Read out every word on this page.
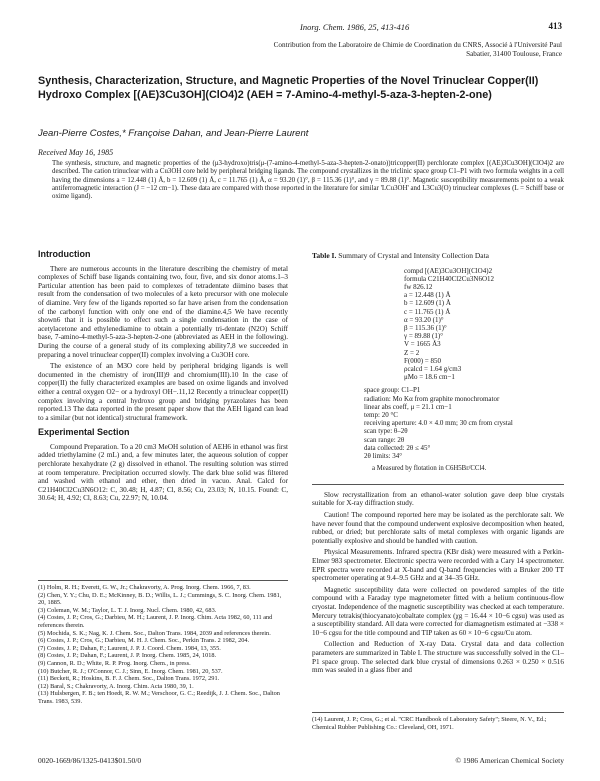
Inorg. Chem. 1986, 25, 413-416	413
Contribution from the Laboratoire de Chimie de Coordination du CNRS, Associé à l'Université Paul Sabatier, 31400 Toulouse, France
Synthesis, Characterization, Structure, and Magnetic Properties of the Novel Trinuclear Copper(II) Hydroxo Complex [(AE)3Cu3OH](ClO4)2 (AEH = 7-Amino-4-methyl-5-aza-3-hepten-2-one)
Jean-Pierre Costes,* Françoise Dahan, and Jean-Pierre Laurent
Received May 16, 1985
The synthesis, structure, and magnetic properties of the (μ3-hydroxo)tris(μ-(7-amino-4-methyl-5-aza-3-hepten-2-onato))tricopper(II) perchlorate complex [(AE)3Cu3OH](ClO4)2 are described. The cation trinuclear with a Cu3OH core held by peripheral bridging ligands. The compound crystallizes in the triclinic space group C1–P1 with two formula weights in a cell having the dimensions a = 12.448 (1) Å, b = 12.609 (1) Å, c = 11.765 (1) Å, α = 93.20 (1)°, β = 115.36 (1)°, and γ = 89.88 (1)°. Magnetic susceptibility measurements point to a weak antiferromagnetic interaction (J = −12 cm−1). These data are compared with those reported in the literature for similar 'LCu3OH' and L3Cu3(O) trinuclear complexes (L = Schiff base or oxime ligand).
Introduction

There are numerous accounts in the literature describing the chemistry of metal complexes of Schiff base ligands containing two, four, five, and six donor atoms.1–3 Particular attention has been paid to complexes of tetradentate diimino bases that result from the condensation of two molecules of a keto precursor with one molecule of diamine. Very few of the ligands reported so far have arisen from the condensation of the carbonyl function with only one end of the diamine.4,5 We have recently shown6 that it is possible to effect such a single condensation in the case of acetylacetone and ethylenediamine to obtain a potentially tri-dentate (N2O) Schiff base, 7-amino-4-methyl-5-aza-3-hepten-2-one (abbreviated as AEH in the following). During the course of a general study of its complexing ability7,8 we succeeded in preparing a novel trinuclear copper(II) complex involving a Cu3OH core.

The existence of an M3O core held by peripheral bridging ligands is well documented in the chemistry of iron(III)9 and chromium(III).10 In the case of copper(II) the fully characterized examples are based on oxime ligands and involved either a central oxygen O2− or a hydroxyl OH−.11,12 Recently a trinuclear copper(II) complex involving a central hydroxo group and bridging pyrazolates has been reported.13 The data reported in the present paper show that the AEH ligand can lead to a similar (but not identical) structural framework.

Experimental Section

Compound Preparation. To a 20 cm3 MeOH solution of AEH6 in ethanol was first added triethylamine (2 mL) and, a few minutes later, the aqueous solution of copper perchlorate hexahydrate (2 g) dissolved in ethanol. The resulting solution was stirred at room temperature. Precipitation occurred slowly. The dark blue solid was filtered and washed with ethanol and ether, then dried in vacuo. Anal. Calcd for C21H40Cl2Cu3N6O12: C, 30.48; H, 4.87; Cl, 8.56; Cu, 23.03; N, 10.15. Found: C, 30.64; H, 4.92; Cl, 8.63; Cu, 22.97; N, 10.04.

(1) Holm, R. H.; Everett, G. W., Jr.; Chakravorty, A. Prog. Inorg. Chem. 1966, 7, 83.
(2) Chen, Y. Y.; Chu, D. E.; McKinney, B. D.; Willis, L. J.; Cummings, S. C. Inorg. Chem. 1981, 20, 1885.
(3) Coleman, W. M.; Taylor, L. T. J. Inorg. Nucl. Chem. 1980, 42, 683.
(4) Costes, J. P.; Cros, G.; Darbieu, M. H.; Laurent, J. P. Inorg. Chim. Acta 1982, 60, 111 and references therein.
(5) Mochida, S. K.; Nag, K. J. Chem. Soc., Dalton Trans. 1984, 2039 and references therein.
(6) Costes, J. P.; Cros, G.; Darbieu, M. H. J. Chem. Soc., Perkin Trans. 2 1982, 204.
(7) Costes, J. P.; Dahan, F.; Laurent, J. P. J. Coord. Chem. 1984, 13, 355.
(8) Costes, J. P.; Dahan, F.; Laurent, J. P. Inorg. Chem. 1985, 24, 1018.
(9) Cannon, R. D.; White, R. P. Prog. Inorg. Chem., in press.
(10) Butcher, R. J.; O'Connor, C. J.; Sinn, E. Inorg. Chem. 1981, 20, 537.
(11) Beckett, R.; Hoskins, B. F. J. Chem. Soc., Dalton Trans. 1972, 291.
(12) Baral, S.; Chakravorty, A. Inorg. Chim. Acta 1980, 39, 1.
(13) Hulsbergen, F. B.; ten Hoedt, R. W. M.; Verschoor, G. C.; Reedijk, J. J. Chem. Soc., Dalton Trans. 1983, 539.
Table I. Summary of Crystal and Intensity Collection Data
compd [(AE)3Cu3OH](ClO4)2
formula C21H40Cl2Cu3N6O12
fw 826.12
a = 12.448 (1) Å
b = 12.609 (1) Å
c = 11.765 (1) Å
α = 93.20 (1)°
β = 115.36 (1)°
γ = 89.88 (1)°
V = 1665 Å3
Z = 2
F(000) = 850
ρcalcd = 1.64 g/cm3
μMo = 18.6 cm−1
space group: C1–P1
radiation: Mo Kα from graphite monochromator
linear abs coeff, μ = 21.1 cm−1
temp: 20 °C
receiving aperture: 4.0 × 4.0 mm; 30 cm from crystal
scan type: θ–2θ
scan range: 2θ
data collected: 2θ ≤ 45°
2θ limits: 34°
a Measured by flotation in C6H5Br/CCl4.

Slow recrystallization from an ethanol-water solution gave deep blue crystals suitable for X-ray diffraction study.

Caution! The compound reported here may be isolated as the perchlorate salt. We have never found that the compound underwent explosive decomposition when heated, rubbed, or dried; but perchlorate salts of metal complexes with organic ligands are potentially explosive and should be handled with caution.

Physical Measurements. Infrared spectra (KBr disk) were measured with a Perkin-Elmer 983 spectrometer. Electronic spectra were recorded with a Cary 14 spectrometer. EPR spectra were recorded at X-band and Q-band frequencies with a Bruker 200 TT spectrometer operating at 9.4–9.5 GHz and at 34–35 GHz.

Magnetic susceptibility data were collected on powdered samples of the title compound with a Faraday type magnetometer fitted with a helium continuous-flow cryostat. Independence of the magnetic susceptibility was checked at each temperature. Mercury tetrakis(thiocyanato)cobaltate complex (χg = 16.44 × 10−6 cgsu) was used as a susceptibility standard. All data were corrected for diamagnetism estimated at −338 × 10−6 cgsu for the title compound and TIP taken as 60 × 10−6 cgsu/Cu atom.

Collection and Reduction of X-ray Data. Crystal data and data collection parameters are summarized in Table I. The structure was successfully solved in the C1–P1 space group. The selected dark blue crystal of dimensions 0.263 × 0.250 × 0.516 mm was sealed in a glass fiber and

(14) Laurent, J. P.; Cros, G.; et al. "CRC Handbook of Laboratory Safety"; Steere, N. V., Ed.; Chemical Rubber Publishing Co.: Cleveland, OH, 1971.
0020-1669/86/1325-0413$01.50/0	© 1986 American Chemical Society
